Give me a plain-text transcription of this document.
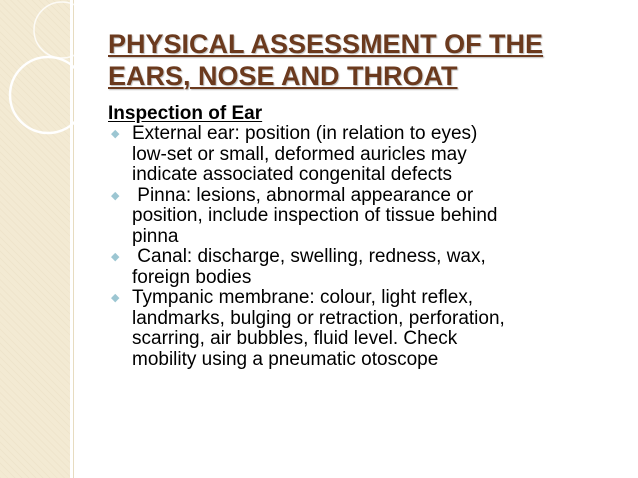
PHYSICAL ASSESSMENT OF THE
EARS, NOSE AND THROAT
Inspection of Ear
◆ External ear: position (in relation to eyes)
low-set or small, deformed auricles may
indicate associated congenital defects
◆ Pinna: lesions, abnormal appearance or
position, include inspection of tissue behind
pinna
◆ Canal: discharge, swelling, redness, wax,
foreign bodies
◆ Tympanic membrane: colour, light reflex,
landmarks, bulging or retraction, perforation,
scarring, air bubbles, fluid level. Check
mobility using a pneumatic otoscope
